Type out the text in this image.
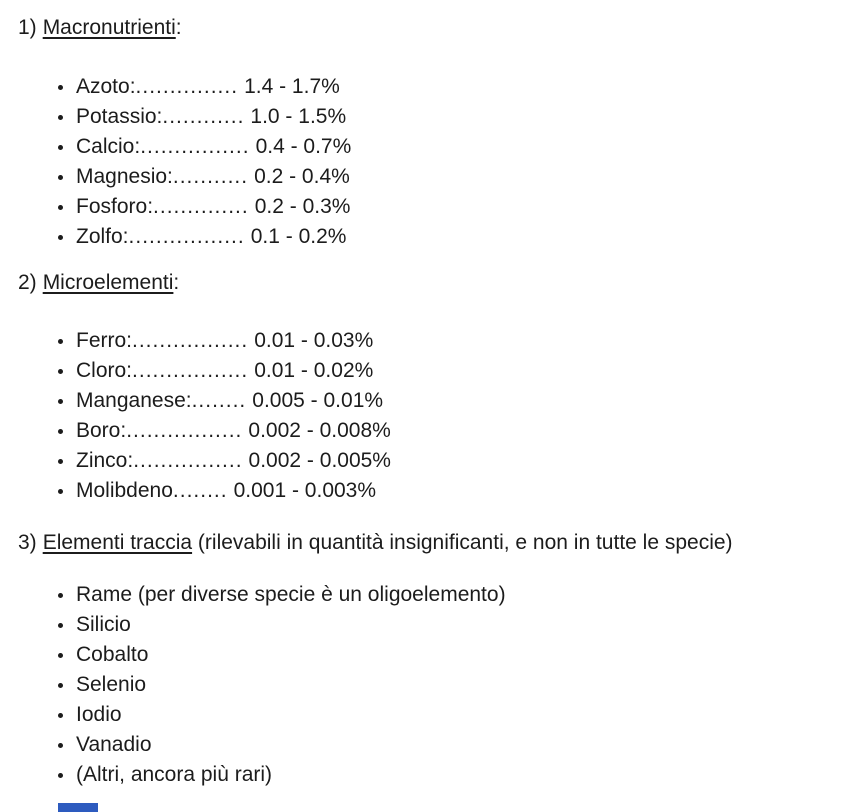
1) Macronutrienti:
Azoto:............... 1.4 - 1.7%
Potassio:............ 1.0 - 1.5%
Calcio:................ 0.4 - 0.7%
Magnesio:........... 0.2 - 0.4%
Fosforo:.............. 0.2 - 0.3%
Zolfo:................. 0.1 - 0.2%
2) Microelementi:
Ferro:................. 0.01 - 0.03%
Cloro:................. 0.01 - 0.02%
Manganese:........ 0.005 - 0.01%
Boro:................. 0.002 - 0.008%
Zinco:................ 0.002 - 0.005%
Molibdeno........ 0.001 - 0.003%
3) Elementi traccia (rilevabili in quantità insignificanti, e non in tutte le specie)
Rame (per diverse specie è un oligoelemento)
Silicio
Cobalto
Selenio
Iodio
Vanadio
(Altri, ancora più rari)
